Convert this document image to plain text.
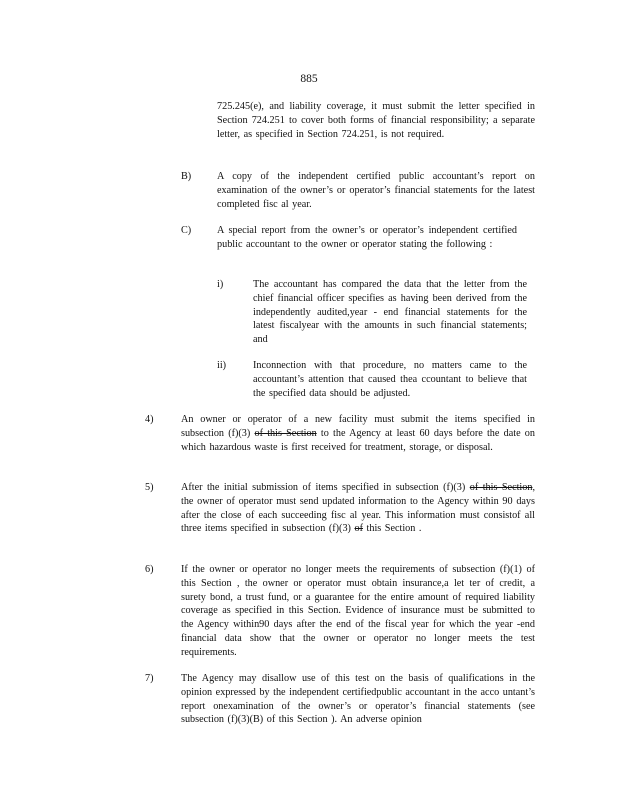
885
725.245(e), and liability coverage, it must submit the letter specified in Section 724.251 to cover both forms of financial responsibility; a separate letter, as specified in Section 724.251, is not required.
B)	A copy of the independent certified public accountant’s report on examination of the owner’s or operator’s financial statements for the latest completed fisc al year.
C)	A special report from the owner’s or operator’s independent certified public accountant to the owner or operator stating the following :
i)	The accountant has compared the data that the letter from the chief financial officer specifies as having been derived from the independently audited,year - end financial statements for the latest fiscalyear with the amounts in such financial statements; and
ii)	Inconnection with that procedure, no matters came to the accountant’s attention that caused thea ccountant to believe that the specified data should be adjusted.
4)	An owner or operator of a new facility must submit the items specified in subsection (f)(3) of this Section to the Agency at least 60 days before the date on which hazardous waste is first received for treatment, storage, or disposal.
5)	After the initial submission of items specified in subsection (f)(3) of this Section, the owner of operator must send updated information to the Agency within 90 days after the close of each succeeding fisc al year. This information must consistof all three items specified in subsection (f)(3) of this Section .
6)	If the owner or operator no longer meets the requirements of subsection (f)(1) of this Section , the owner or operator must obtain insurance,a let ter of credit, a surety bond, a trust fund, or a guarantee for the entire amount of required liability coverage as specified in this Section. Evidence of insurance must be submitted to the Agency within90 days after the end of the fiscal year for which the year -end financial data show that the owner or operator no longer meets the test requirements.
7)	The Agency may disallow use of this test on the basis of qualifications in the opinion expressed by the independent certifiedpublic accountant in the acco untant’s report onexamination of the owner’s or operator’s financial statements (see subsection (f)(3)(B) of this Section ). An adverse opinion
